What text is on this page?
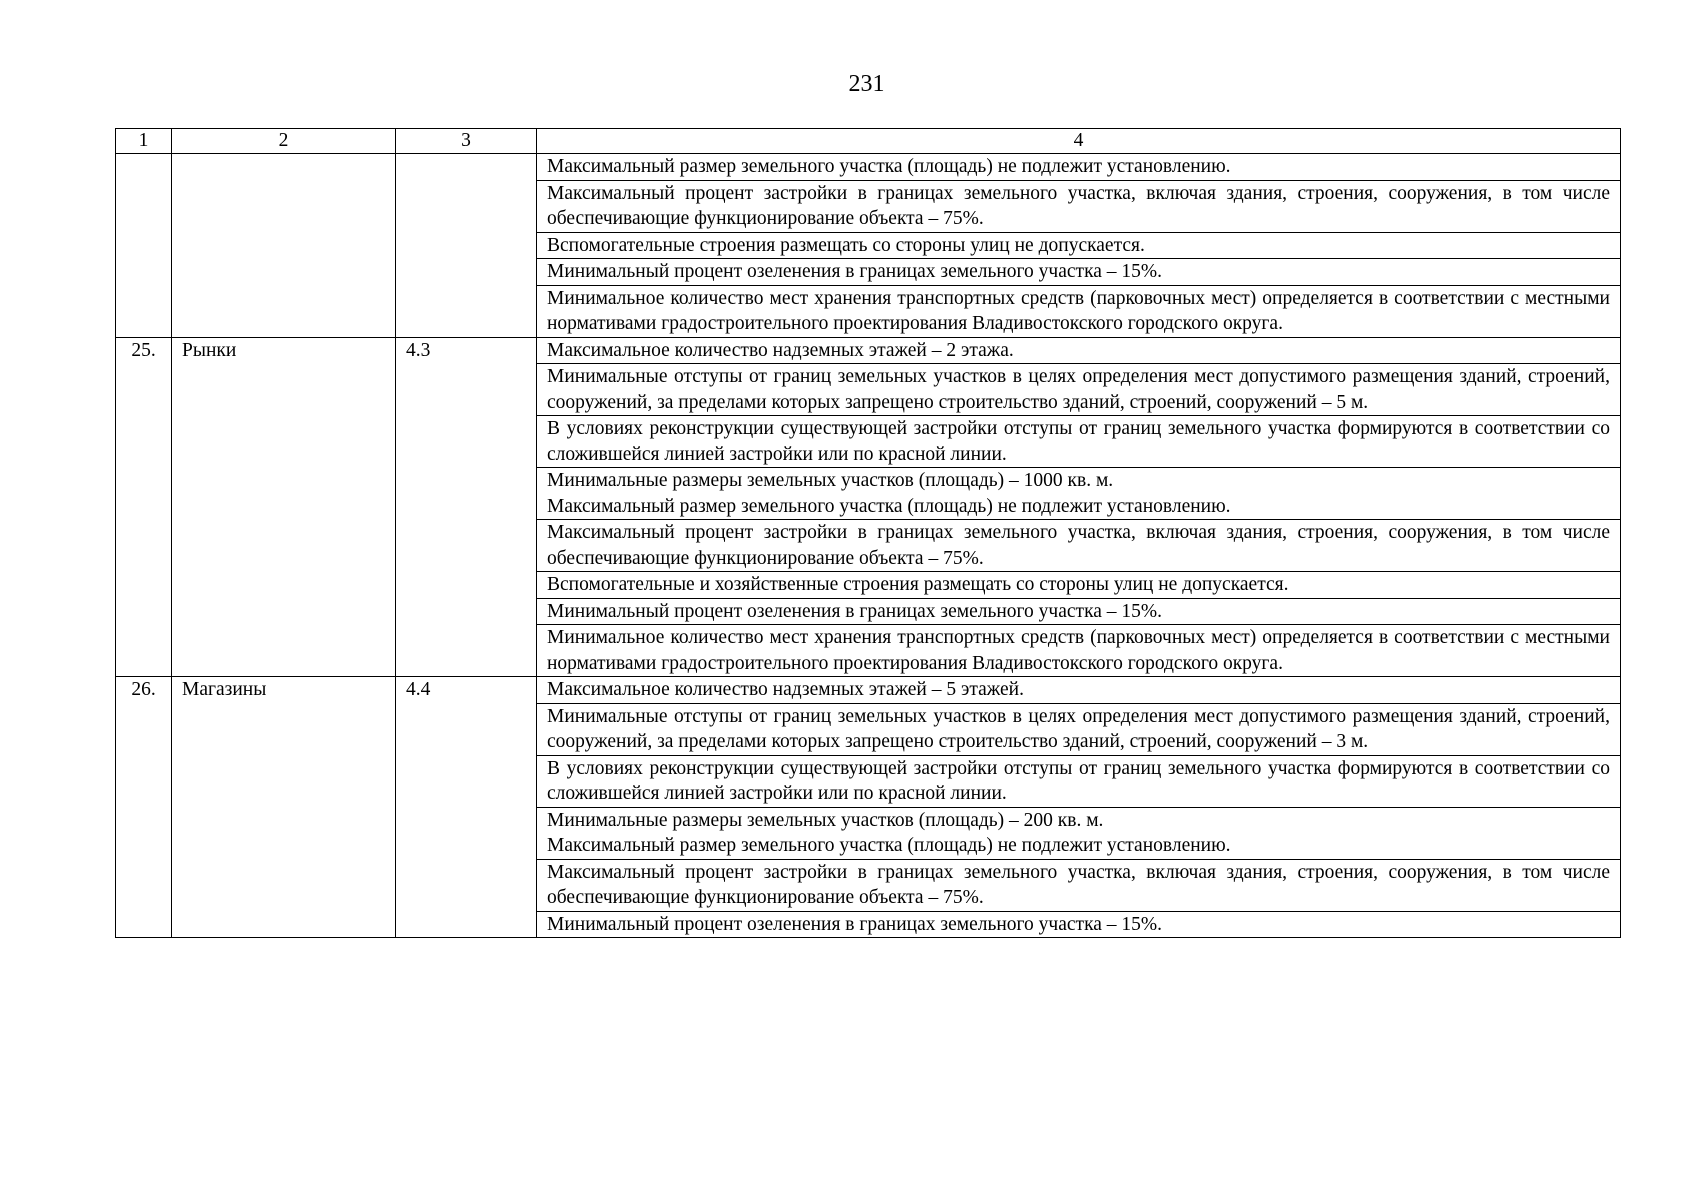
231
1	2	3	4
			Максимальный размер земельного участка (площадь) не подлежит установлению.
			Максимальный процент застройки в границах земельного участка, включая здания, строения, сооружения, в том числе обеспечивающие функционирование объекта – 75%.
			Вспомогательные строения размещать со стороны улиц не допускается.
			Минимальный процент озеленения в границах земельного участка – 15%.
			Минимальное количество мест хранения транспортных средств (парковочных мест) определяется в соответствии с местными нормативами градостроительного проектирования Владивостокского городского округа.
25.	Рынки	4.3	Максимальное количество надземных этажей – 2 этажа.
			Минимальные отступы от границ земельных участков в целях определения мест допустимого размещения зданий, строений, сооружений, за пределами которых запрещено строительство зданий, строений, сооружений – 5 м.
			В условиях реконструкции существующей застройки отступы от границ земельного участка формируются в соответствии со сложившейся линией застройки или по красной линии.

			Минимальные размеры земельных участков (площадь) – 1000 кв. м.
Максимальный размер земельного участка (площадь) не подлежит установлению.

			Максимальный процент застройки в границах земельного участка, включая здания, строения, сооружения, в том числе обеспечивающие функционирование объекта – 75%.
			Вспомогательные и хозяйственные строения размещать со стороны улиц не допускается.
			Минимальный процент озеленения в границах земельного участка – 15%.
			Минимальное количество мест хранения транспортных средств (парковочных мест) определяется в соответствии с местными нормативами градостроительного проектирования Владивостокского городского округа.
26.	Магазины	4.4	Максимальное количество надземных этажей – 5 этажей.
			Минимальные отступы от границ земельных участков в целях определения мест допустимого размещения зданий, строений, сооружений, за пределами которых запрещено строительство зданий, строений, сооружений – 3 м.
			В условиях реконструкции существующей застройки отступы от границ земельного участка формируются в соответствии со сложившейся линией застройки или по красной линии.

			Минимальные размеры земельных участков (площадь) – 200 кв. м.
Максимальный размер земельного участка (площадь) не подлежит установлению.

			Максимальный процент застройки в границах земельного участка, включая здания, строения, сооружения, в том числе обеспечивающие функционирование объекта – 75%.
			Минимальный процент озеленения в границах земельного участка – 15%.
